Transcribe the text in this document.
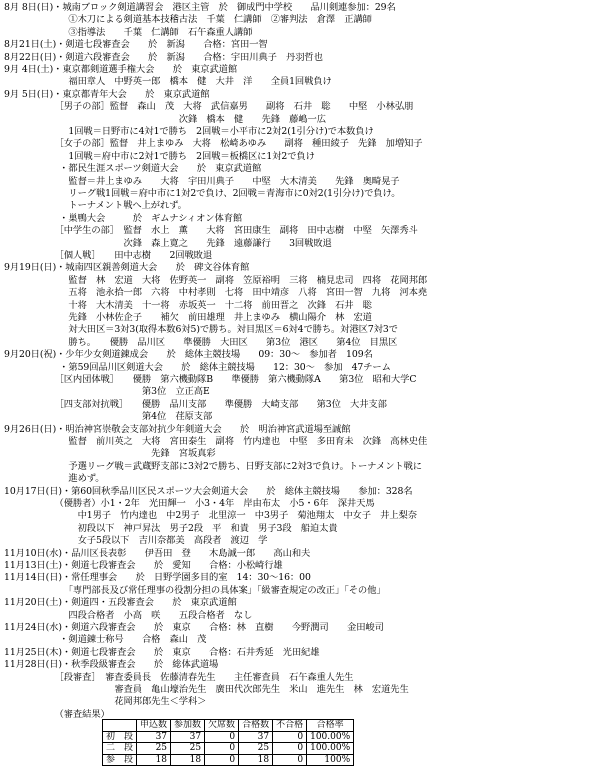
8月 8日(日)・城南ブロック剣道講習会　港区主管　於　御成門中学校　　品川剣連参加：29名
　　　　　　　①木刀による剣道基本技稽古法　千葉　仁講師　②審判法　倉澤　正講師
　　　　　　　③指導法　　千葉　仁講師　石午森重人講師
8月21日(土)・剣道七段審査会　　於　新潟　　合格：宮田一智
8月22日(日)・剣道六段審査会　　於　新潟　　合格：宇田川典子　丹羽哲也
9月 4日(土)・東京都剣道選手権大会　　於　東京武道館
　　　　　　　福田章人　中野英一郎　橋本　健　大井　洋　　全員1回戦負け
9月 5日(日)・東京都青年大会　　於　東京武道館
　　　　　　［男子の部］監督　森山　茂　大将　武信嘉男　　副将　石井　聡　　中堅　小林弘朋
　　　　　　　　　　　　　　　　　　　次鋒　橋本　健　　先鋒　藤嶋一広
　　　　　　　1回戦＝日野市に4対1で勝ち　2回戦＝小平市に2対2(1引分け)で本数負け
　　　　　　［女子の部］監督　井上まゆみ　大将　松崎あゆみ　　副将　種田綾子　先鋒　加増知子
　　　　　　　1回戦＝府中市に2対1で勝ち　2回戦＝板橋区に1対2で負け
　　　　　　・都民生涯スポーツ剣道大会　　於　東京武道館
　　　　　　　監督＝井上まゆみ　　大将　宇田川典子　　中堅　大木清美　　先鋒　奥畸晃子
　　　　　　　リーグ戦1回戦＝府中市に1対2で負け、2回戦＝青海市に0対2(1引分け)で負け。
　　　　　　　トーナメント戦へ上がれず。
　　　　　　・巣鴨大会　　　於　ギムナシィオン体育館
　　　　　　［中学生の部］　監督　水上　薫　　大将　宮田康生　副将　田中志樹　中堅　矢澤秀斗
　　　　　　　　　　　　　次鋒　森上寛之　　先鋒　遠藤謙行　　3回戦敗退
　　　　　　［個人戦］　　田中志樹　　2回戦敗退
9月19日(日)・城南四区親善剣道大会　　於　碑文谷体育館
　　　　　　　監督　林　宏道　大将　佐野英一　副将　笠原裕明　三将　楠見忠司　四将　花岡邦郎
　　　　　　　五将　池永拾一郎　六将　中村孝則　七将　田中靖彦　八将　宮田一智　九将　河本堯
　　　　　　　十将　大木清美　十一将　赤坂英一　十二将　前田晋之　次鋒　石井　聡
　　　　　　　先鋒　小林佐企子　　補欠　前田雄理　井上まゆみ　横山陽介　林　宏道
　　　　　　　対大田区＝3対3(取得本数6対5)で勝ち。対目黒区＝6対4で勝ち。対港区7対3で
　　　　　　　勝ち。　　優勝　品川区　　準優勝　大田区　　第3位　港区　　第4位　目黒区
9月20日(祝)・少年少女剣道錬成会　　於　総体主競技場　　09：30～　参加者　109名
　　　　　　・第59回品川区剣道大会　　於　総体主競技場　　12：30～　参加　47チーム
　　　　　　［区内団体戦］　　優勝　第六機動隊B　　準優勝　第六機動隊A　　第3位　昭和大学C
　　　　　　　　　　　　　　　第3位　立正高E
　　　　　　［四支部対抗戦］　　優勝　品川支部　　準優勝　大崎支部　　第3位　大井支部
　　　　　　　　　　　　　　　第4位　荏原支部
9月26日(日)・明治神宮崇敬会支部対抗少年剣道大会　　於　明治神宮武道場至誠館
　　　　　　　監督　前川英之　大将　宮田泰生　副将　竹内達也　中堅　多田育未　次鋒　高林史佳
　　　　　　　　　　　　　　　　先鋒　宮坂真彩
　　　　　　　予選リーグ戦＝武蔵野支部に3対2で勝ち、日野支部に2対3で負け。トーナメント戦に
　　　　　　　進めず。
10月17日(日)・第60回秋季品川区民スポーツ大会剣道大会　　於　総体主競技場　　参加：328名
　　　　　　（優勝者）小1・2年　光田輝一　小3・4年　岸由布太　小5・6年　深井天馬
　　　　　　　　中1男子　竹内達也　中2男子　北里涼一　中3男子　菊池翔太　中女子　井上梨奈
　　　　　　　　初段以下　神戸昇汰　男子2段　平　和貴　男子3段　船迫太貴
　　　　　　　　女子5段以下　吉川奈都美　高段者　渡辺　学
11月10日(水)・品川区長表彰　　伊吾田　登　　木島誠一郎　　高山和夫
11月13日(土)・剣道七段審査会　　於　愛知　　合格：小松崎行雄
11月14日(日)・常任理事会　　於　日野学園多目的室　14：30～16：00
　　　　　　　「専門部長及び常任理事の役割分担の具体案」「級審査規定の改正」「その他」
11月20日(土)・剣道四・五段審査会　　於　東京武道館
　　　　　　　四段合格者　小高　咲　　五段合格者　なし
11月24日(水)・剣道六段審査会　　於　東京　　合格：林　直樹　　今野潤司　　金田峻司
　　　　　　・剣道錬士称号　　合格　森山　茂
11月25日(木)・剣道七段審査会　　於　東京　　合格：石井秀延　光田紀雄
11月28日(日)・秋季段級審査会　　於　総体武道場
　　　　　　［段審査］　審査委員長　佐藤清春先生　　主任審査員　石午森重人先生
　　　　　　　　　　　　審査員　亀山壕治先生　廣田代次郎先生　米山　進先生　林　宏道先生
　　　　　　　　　　　　花岡邦郎先生＜学科＞
　　　　　　（審査結果）
	申込数	参加数	欠席数	合格数	不合格	合格率
初　段	37	37	0	37	0	100.00%
二　段	25	25	0	25	0	100.00%
参　段	18	18	0	18	0	100%
